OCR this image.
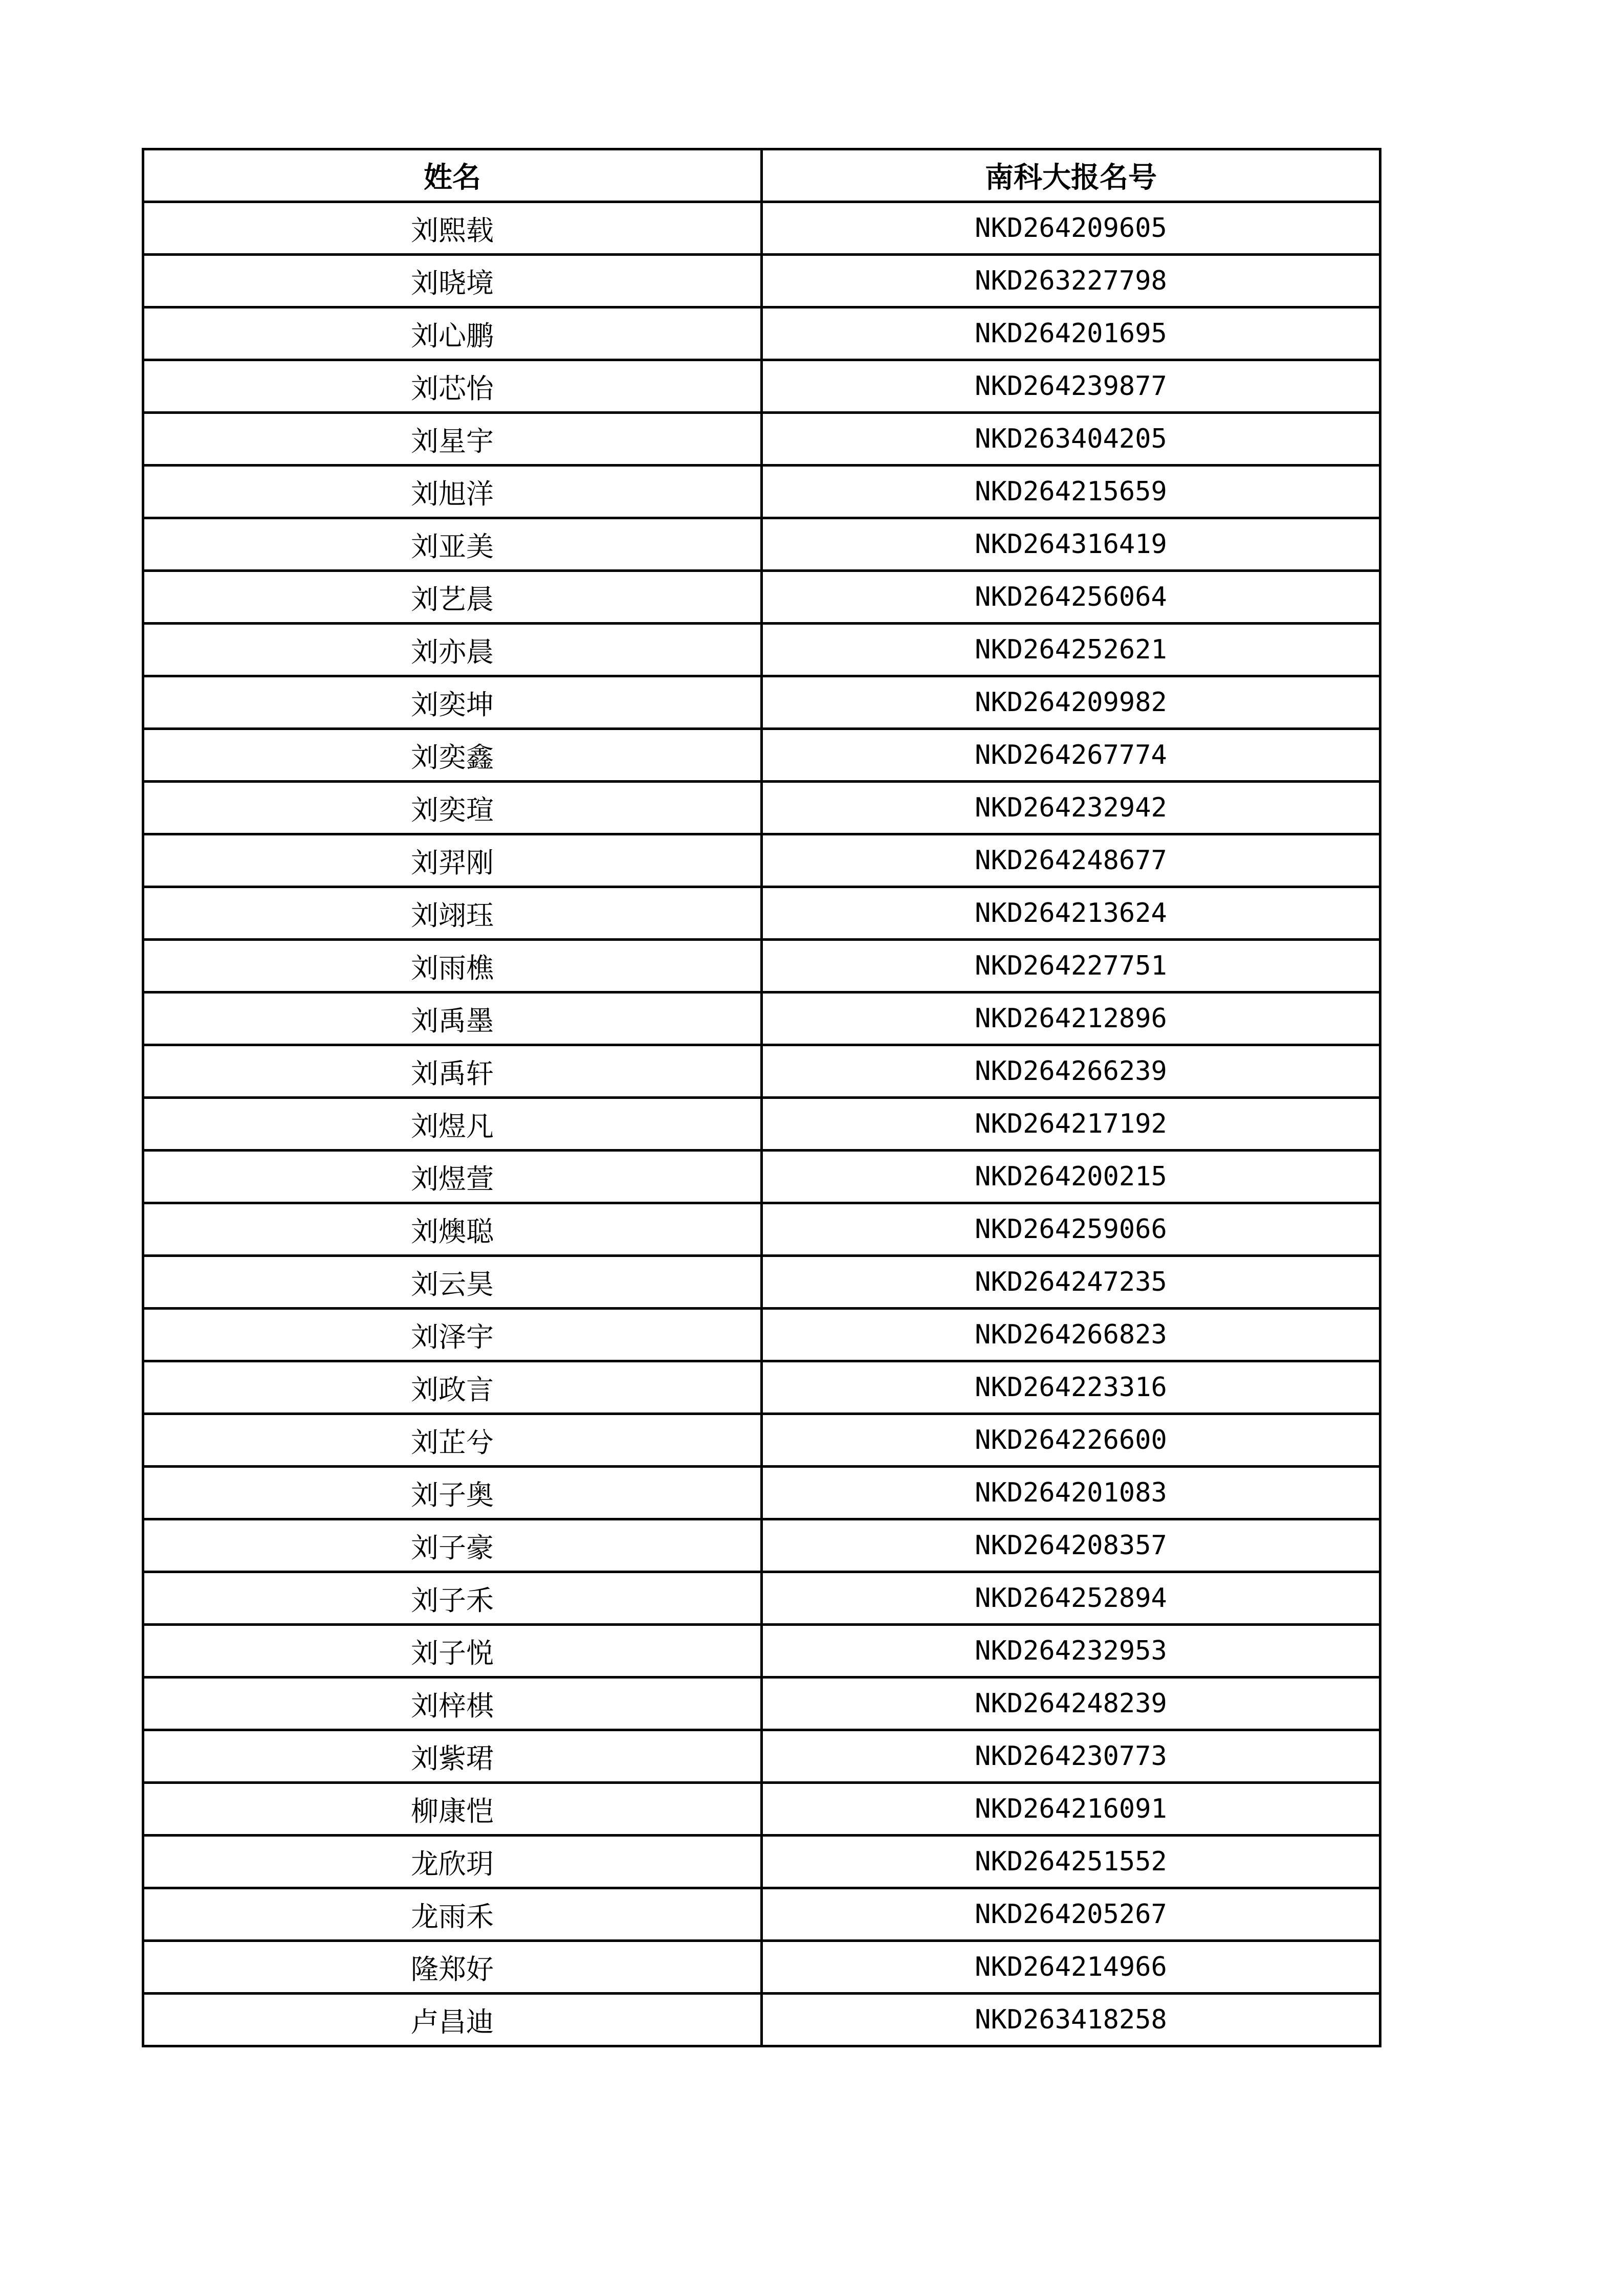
姓名	南科大报名号
刘熙载	NKD264209605
刘晓境	NKD263227798
刘心鹏	NKD264201695
刘芯怡	NKD264239877
刘星宇	NKD263404205
刘旭洋	NKD264215659
刘亚美	NKD264316419
刘艺晨	NKD264256064
刘亦晨	NKD264252621
刘奕坤	NKD264209982
刘奕鑫	NKD264267774
刘奕瑄	NKD264232942
刘羿刚	NKD264248677
刘翊珏	NKD264213624
刘雨樵	NKD264227751
刘禹墨	NKD264212896
刘禹轩	NKD264266239
刘煜凡	NKD264217192
刘煜萱	NKD264200215
刘燠聪	NKD264259066
刘云昊	NKD264247235
刘泽宇	NKD264266823
刘政言	NKD264223316
刘芷兮	NKD264226600
刘子奥	NKD264201083
刘子豪	NKD264208357
刘子禾	NKD264252894
刘子悦	NKD264232953
刘梓棋	NKD264248239
刘紫珺	NKD264230773
柳康恺	NKD264216091
龙欣玥	NKD264251552
龙雨禾	NKD264205267
隆郑好	NKD264214966
卢昌迪	NKD263418258
